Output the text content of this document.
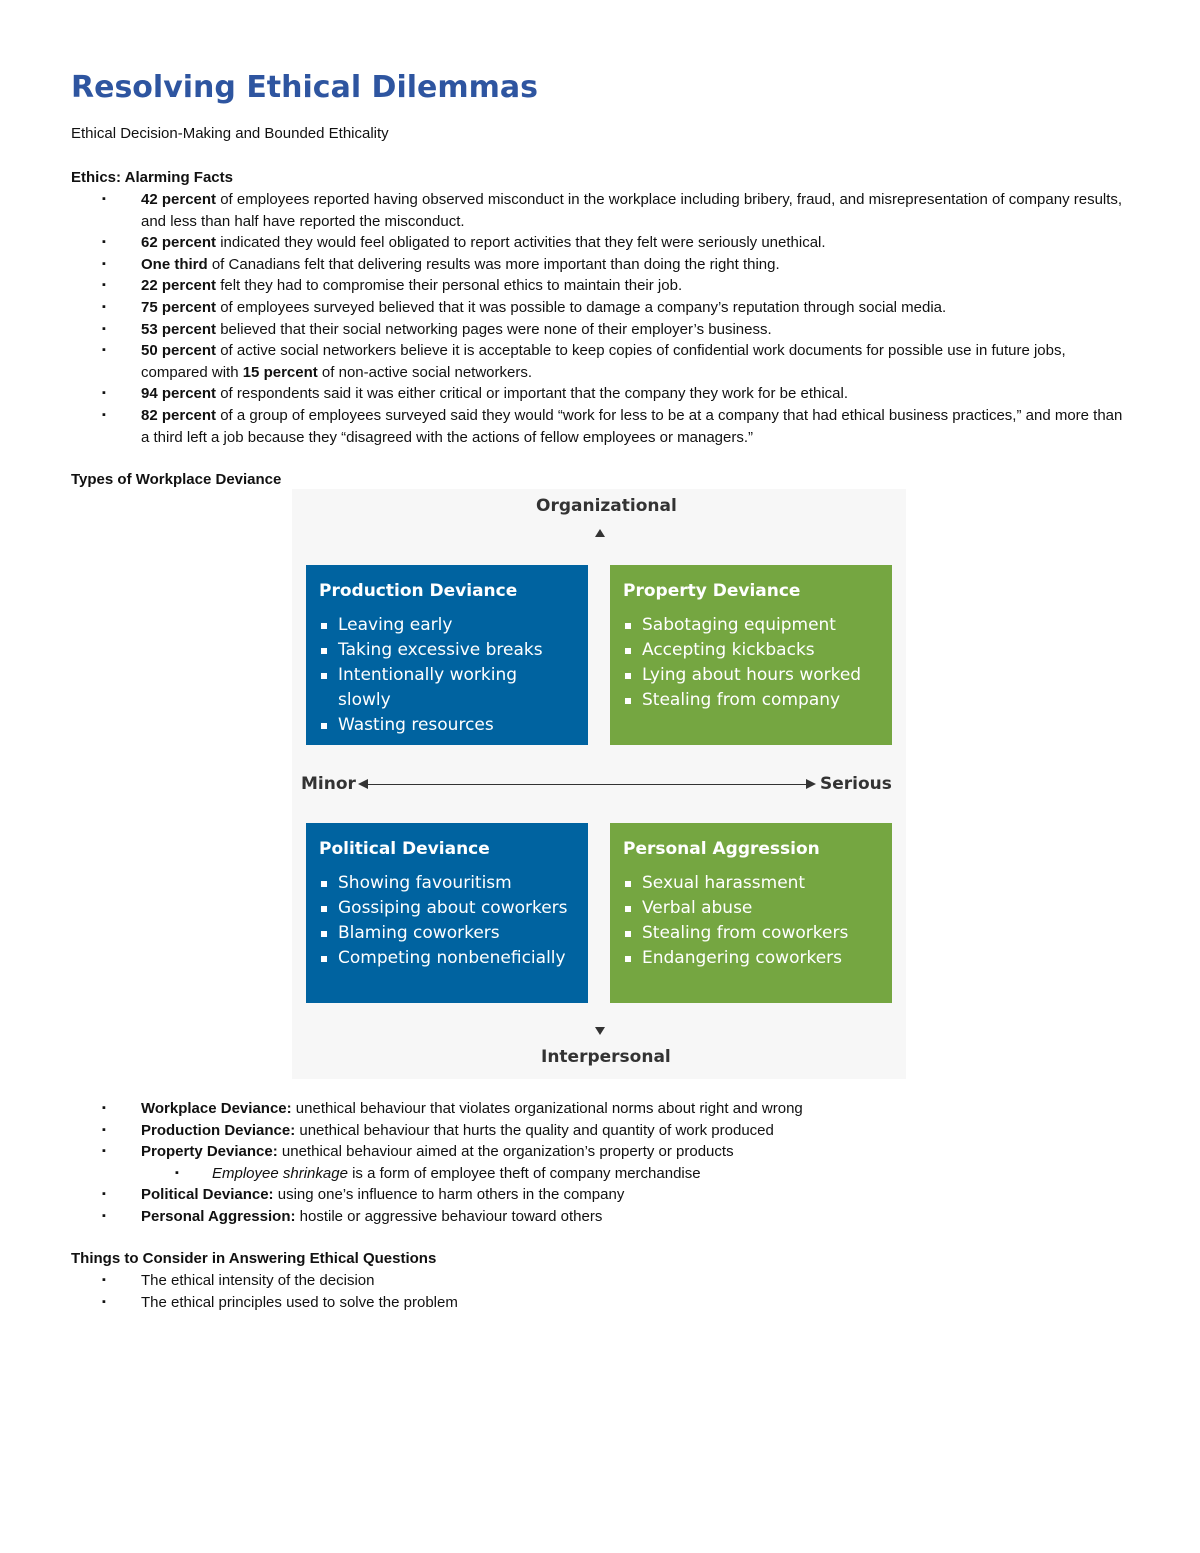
Resolving Ethical Dilemmas
Ethical Decision-Making and Bounded Ethicality
Ethics: Alarming Facts
▪ 42 percent of employees reported having observed misconduct in the workplace including bribery, fraud, and misrepresentation of company results, and less than half have reported the misconduct.
▪ 62 percent indicated they would feel obligated to report activities that they felt were seriously unethical.
▪ One third of Canadians felt that delivering results was more important than doing the right thing.
▪ 22 percent felt they had to compromise their personal ethics to maintain their job.
▪ 75 percent of employees surveyed believed that it was possible to damage a company’s reputation through social media.
▪ 53 percent believed that their social networking pages were none of their employer’s business.
▪ 50 percent of active social networkers believe it is acceptable to keep copies of confidential work documents for possible use in future jobs, compared with 15 percent of non-active social networkers.
▪ 94 percent of respondents said it was either critical or important that the company they work for be ethical.
▪ 82 percent of a group of employees surveyed said they would “work for less to be at a company that had ethical business practices,” and more than a third left a job because they “disagreed with the actions of fellow employees or managers.”
Types of Workplace Deviance
Organizational
Production Deviance
Leaving early
Taking excessive breaks
Intentionally working slowly
Wasting resources
Property Deviance
Sabotaging equipment
Accepting kickbacks
Lying about hours worked
Stealing from company
Minor	Serious
Political Deviance
Showing favouritism
Gossiping about coworkers
Blaming coworkers
Competing nonbeneficially
Personal Aggression
Sexual harassment
Verbal abuse
Stealing from coworkers
Endangering coworkers
Interpersonal
▪ Workplace Deviance: unethical behaviour that violates organizational norms about right and wrong
▪ Production Deviance: unethical behaviour that hurts the quality and quantity of work produced
▪ Property Deviance: unethical behaviour aimed at the organization’s property or products
▪ Employee shrinkage is a form of employee theft of company merchandise
▪ Political Deviance: using one’s influence to harm others in the company
▪ Personal Aggression: hostile or aggressive behaviour toward others
Things to Consider in Answering Ethical Questions
▪ The ethical intensity of the decision
▪ The ethical principles used to solve the problem
